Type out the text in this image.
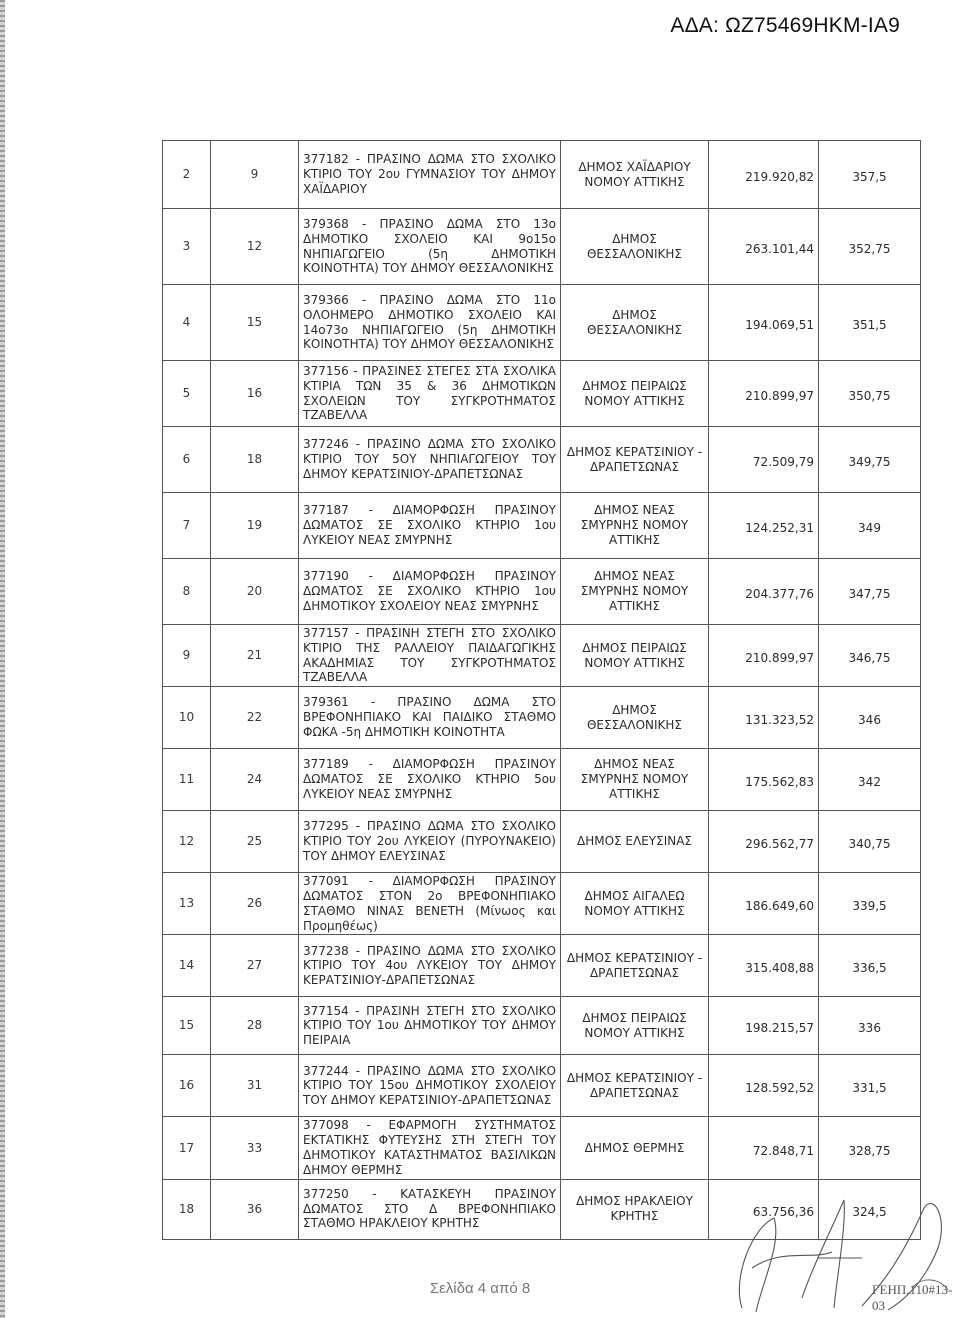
ΑΔΑ: ΩΖ75469ΗΚΜ-ΙΑ9
2	9	377182 - ΠΡΑΣΙΝΟ ΔΩΜΑ ΣΤΟ ΣΧΟΛΙΚΟ ΚΤΙΡΙΟ ΤΟΥ 2ου ΓΥΜΝΑΣΙΟΥ ΤΟΥ ΔΗΜΟΥ ΧΑΪΔΑΡΙΟΥ	ΔΗΜΟΣ ΧΑΪΔΑΡΙΟΥ ΝΟΜΟΥ ΑΤΤΙΚΗΣ	219.920,82	357,5
3	12	379368 - ΠΡΑΣΙΝΟ ΔΩΜΑ ΣΤΟ 13ο ΔΗΜΟΤΙΚΟ ΣΧΟΛΕΙΟ ΚΑΙ 9ο15ο ΝΗΠΙΑΓΩΓΕΙΟ (5η ΔΗΜΟΤΙΚΗ ΚΟΙΝΟΤΗΤΑ) ΤΟΥ ΔΗΜΟΥ ΘΕΣΣΑΛΟΝΙΚΗΣ	ΔΗΜΟΣ ΘΕΣΣΑΛΟΝΙΚΗΣ	263.101,44	352,75
4	15	379366 - ΠΡΑΣΙΝΟ ΔΩΜΑ ΣΤΟ 11ο ΟΛΟΗΜΕΡΟ ΔΗΜΟΤΙΚΟ ΣΧΟΛΕΙΟ ΚΑΙ 14ο73ο ΝΗΠΙΑΓΩΓΕΙΟ (5η ΔΗΜΟΤΙΚΗ ΚΟΙΝΟΤΗΤΑ) ΤΟΥ ΔΗΜΟΥ ΘΕΣΣΑΛΟΝΙΚΗΣ	ΔΗΜΟΣ ΘΕΣΣΑΛΟΝΙΚΗΣ	194.069,51	351,5
5	16	377156 - ΠΡΑΣΙΝΕΣ ΣΤΕΓΕΣ ΣΤΑ ΣΧΟΛΙΚΑ ΚΤΙΡΙΑ ΤΩΝ 35 & 36 ΔΗΜΟΤΙΚΩΝ ΣΧΟΛΕΙΩΝ ΤΟΥ ΣΥΓΚΡΟΤΗΜΑΤΟΣ ΤΖΑΒΕΛΛΑ	ΔΗΜΟΣ ΠΕΙΡΑΙΩΣ ΝΟΜΟΥ ΑΤΤΙΚΗΣ	210.899,97	350,75
6	18	377246 - ΠΡΑΣΙΝΟ ΔΩΜΑ ΣΤΟ ΣΧΟΛΙΚΟ ΚΤΙΡΙΟ ΤΟΥ 5ΟΥ ΝΗΠΙΑΓΩΓΕΙΟΥ ΤΟΥ ΔΗΜΟΥ ΚΕΡΑΤΣΙΝΙΟΥ-ΔΡΑΠΕΤΣΩΝΑΣ	ΔΗΜΟΣ ΚΕΡΑΤΣΙΝΙΟΥ - ΔΡΑΠΕΤΣΩΝΑΣ	72.509,79	349,75
7	19	377187 - ΔΙΑΜΟΡΦΩΣΗ ΠΡΑΣΙΝΟΥ ΔΩΜΑΤΟΣ ΣΕ ΣΧΟΛΙΚΟ ΚΤΗΡΙΟ 1ου ΛΥΚΕΙΟΥ ΝΕΑΣ ΣΜΥΡΝΗΣ	ΔΗΜΟΣ ΝΕΑΣ ΣΜΥΡΝΗΣ ΝΟΜΟΥ ΑΤΤΙΚΗΣ	124.252,31	349
8	20	377190 - ΔΙΑΜΟΡΦΩΣΗ ΠΡΑΣΙΝΟΥ ΔΩΜΑΤΟΣ ΣΕ ΣΧΟΛΙΚΟ ΚΤΗΡΙΟ 1ου ΔΗΜΟΤΙΚΟΥ ΣΧΟΛΕΙΟΥ ΝΕΑΣ ΣΜΥΡΝΗΣ	ΔΗΜΟΣ ΝΕΑΣ ΣΜΥΡΝΗΣ ΝΟΜΟΥ ΑΤΤΙΚΗΣ	204.377,76	347,75
9	21	377157 - ΠΡΑΣΙΝΗ ΣΤΕΓΗ ΣΤΟ ΣΧΟΛΙΚΟ ΚΤΙΡΙΟ ΤΗΣ ΡΑΛΛΕΙΟΥ ΠΑΙΔΑΓΩΓΙΚΗΣ ΑΚΑΔΗΜΙΑΣ ΤΟΥ ΣΥΓΚΡΟΤΗΜΑΤΟΣ ΤΖΑΒΕΛΛΑ	ΔΗΜΟΣ ΠΕΙΡΑΙΩΣ ΝΟΜΟΥ ΑΤΤΙΚΗΣ	210.899,97	346,75
10	22	379361 - ΠΡΑΣΙΝΟ ΔΩΜΑ ΣΤΟ ΒΡΕΦΟΝΗΠΙΑΚΟ ΚΑΙ ΠΑΙΔΙΚΟ ΣΤΑΘΜΟ ΦΩΚΑ -5η ΔΗΜΟΤΙΚΗ ΚΟΙΝΟΤΗΤΑ	ΔΗΜΟΣ ΘΕΣΣΑΛΟΝΙΚΗΣ	131.323,52	346
11	24	377189 - ΔΙΑΜΟΡΦΩΣΗ ΠΡΑΣΙΝΟΥ ΔΩΜΑΤΟΣ ΣΕ ΣΧΟΛΙΚΟ ΚΤΗΡΙΟ 5ου ΛΥΚΕΙΟΥ ΝΕΑΣ ΣΜΥΡΝΗΣ	ΔΗΜΟΣ ΝΕΑΣ ΣΜΥΡΝΗΣ ΝΟΜΟΥ ΑΤΤΙΚΗΣ	175.562,83	342
12	25	377295 - ΠΡΑΣΙΝΟ ΔΩΜΑ ΣΤΟ ΣΧΟΛΙΚΟ ΚΤΙΡΙΟ ΤΟΥ 2ου ΛΥΚΕΙΟΥ (ΠΥΡΟΥΝΑΚΕΙΟ) ΤΟΥ ΔΗΜΟΥ ΕΛΕΥΣΙΝΑΣ	ΔΗΜΟΣ ΕΛΕΥΣΙΝΑΣ	296.562,77	340,75
13	26	377091 - ΔΙΑΜΟΡΦΩΣΗ ΠΡΑΣΙΝΟΥ ΔΩΜΑΤΟΣ ΣΤΟΝ 2ο ΒΡΕΦΟΝΗΠΙΑΚΟ ΣΤΑΘΜΟ ΝΙΝΑΣ ΒΕΝΕΤΗ (Μίνωος και Προμηθέως)	ΔΗΜΟΣ ΑΙΓΑΛΕΩ ΝΟΜΟΥ ΑΤΤΙΚΗΣ	186.649,60	339,5
14	27	377238 - ΠΡΑΣΙΝΟ ΔΩΜΑ ΣΤΟ ΣΧΟΛΙΚΟ ΚΤΙΡΙΟ ΤΟΥ 4ου ΛΥΚΕΙΟΥ ΤΟΥ ΔΗΜΟΥ ΚΕΡΑΤΣΙΝΙΟΥ-ΔΡΑΠΕΤΣΩΝΑΣ	ΔΗΜΟΣ ΚΕΡΑΤΣΙΝΙΟΥ - ΔΡΑΠΕΤΣΩΝΑΣ	315.408,88	336,5
15	28	377154 - ΠΡΑΣΙΝΗ ΣΤΕΓΗ ΣΤΟ ΣΧΟΛΙΚΟ ΚΤΙΡΙΟ ΤΟΥ 1ου ΔΗΜΟΤΙΚΟΥ ΤΟΥ ΔΗΜΟΥ ΠΕΙΡΑΙΑ	ΔΗΜΟΣ ΠΕΙΡΑΙΩΣ ΝΟΜΟΥ ΑΤΤΙΚΗΣ	198.215,57	336
16	31	377244 - ΠΡΑΣΙΝΟ ΔΩΜΑ ΣΤΟ ΣΧΟΛΙΚΟ ΚΤΙΡΙΟ ΤΟΥ 15ου ΔΗΜΟΤΙΚΟΥ ΣΧΟΛΕΙΟΥ ΤΟΥ ΔΗΜΟΥ ΚΕΡΑΤΣΙΝΙΟΥ-ΔΡΑΠΕΤΣΩΝΑΣ	ΔΗΜΟΣ ΚΕΡΑΤΣΙΝΙΟΥ - ΔΡΑΠΕΤΣΩΝΑΣ	128.592,52	331,5
17	33	377098 - ΕΦΑΡΜΟΓΗ ΣΥΣΤΗΜΑΤΟΣ ΕΚΤΑΤΙΚΗΣ ΦΥΤΕΥΣΗΣ ΣΤΗ ΣΤΕΓΗ ΤΟΥ ΔΗΜΟΤΙΚΟΥ ΚΑΤΑΣΤΗΜΑΤΟΣ ΒΑΣΙΛΙΚΩΝ ΔΗΜΟΥ ΘΕΡΜΗΣ	ΔΗΜΟΣ ΘΕΡΜΗΣ	72.848,71	328,75
18	36	377250 - ΚΑΤΑΣΚΕΥΗ ΠΡΑΣΙΝΟΥ ΔΩΜΑΤΟΣ ΣΤΟ Δ ΒΡΕΦΟΝΗΠΙΑΚΟ ΣΤΑΘΜΟ ΗΡΑΚΛΕΙΟΥ ΚΡΗΤΗΣ	ΔΗΜΟΣ ΗΡΑΚΛΕΙΟΥ ΚΡΗΤΗΣ	63.756,36	324,5
Σελίδα 4 από 8	ΓΕΗΠ.110#13-03
